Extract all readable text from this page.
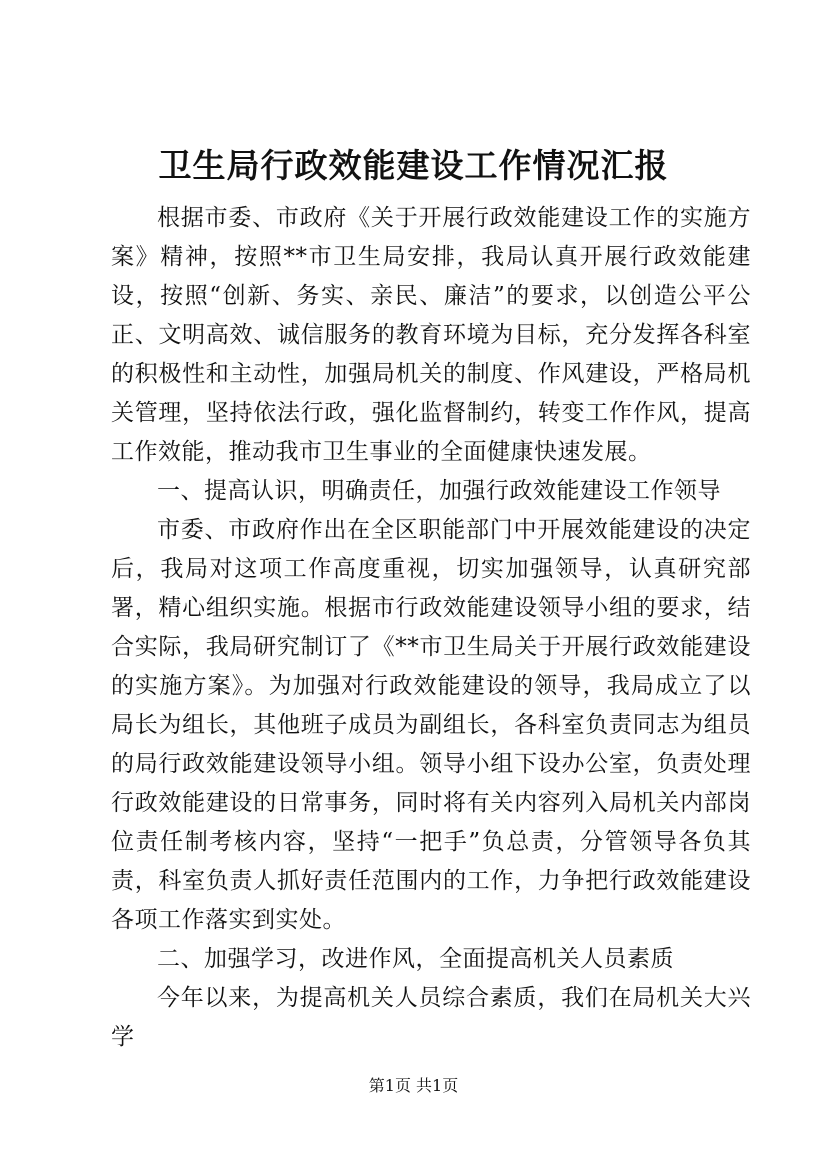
卫生局行政效能建设工作情况汇报

根据市委、市政府《关于开展行政效能建设工作的实施方案》精神，按照**市卫生局安排，我局认真开展行政效能建设，按照“创新、务实、亲民、廉洁”的要求，以创造公平公正、文明高效、诚信服务的教育环境为目标，充分发挥各科室的积极性和主动性，加强局机关的制度、作风建设，严格局机关管理，坚持依法行政，强化监督制约，转变工作作风，提高工作效能，推动我市卫生事业的全面健康快速发展。

一、提高认识，明确责任，加强行政效能建设工作领导

市委、市政府作出在全区职能部门中开展效能建设的决定后，我局对这项工作高度重视，切实加强领导，认真研究部署，精心组织实施。根据市行政效能建设领导小组的要求，结合实际，我局研究制订了《**市卫生局关于开展行政效能建设的实施方案》。为加强对行政效能建设的领导，我局成立了以局长为组长，其他班子成员为副组长，各科室负责同志为组员的局行政效能建设领导小组。领导小组下设办公室，负责处理行政效能建设的日常事务，同时将有关内容列入局机关内部岗位责任制考核内容，坚持“一把手”负总责，分管领导各负其责，科室负责人抓好责任范围内的工作，力争把行政效能建设各项工作落实到实处。

二、加强学习，改进作风，全面提高机关人员素质

今年以来，为提高机关人员综合素质，我们在局机关大兴学

第1页 共1页
